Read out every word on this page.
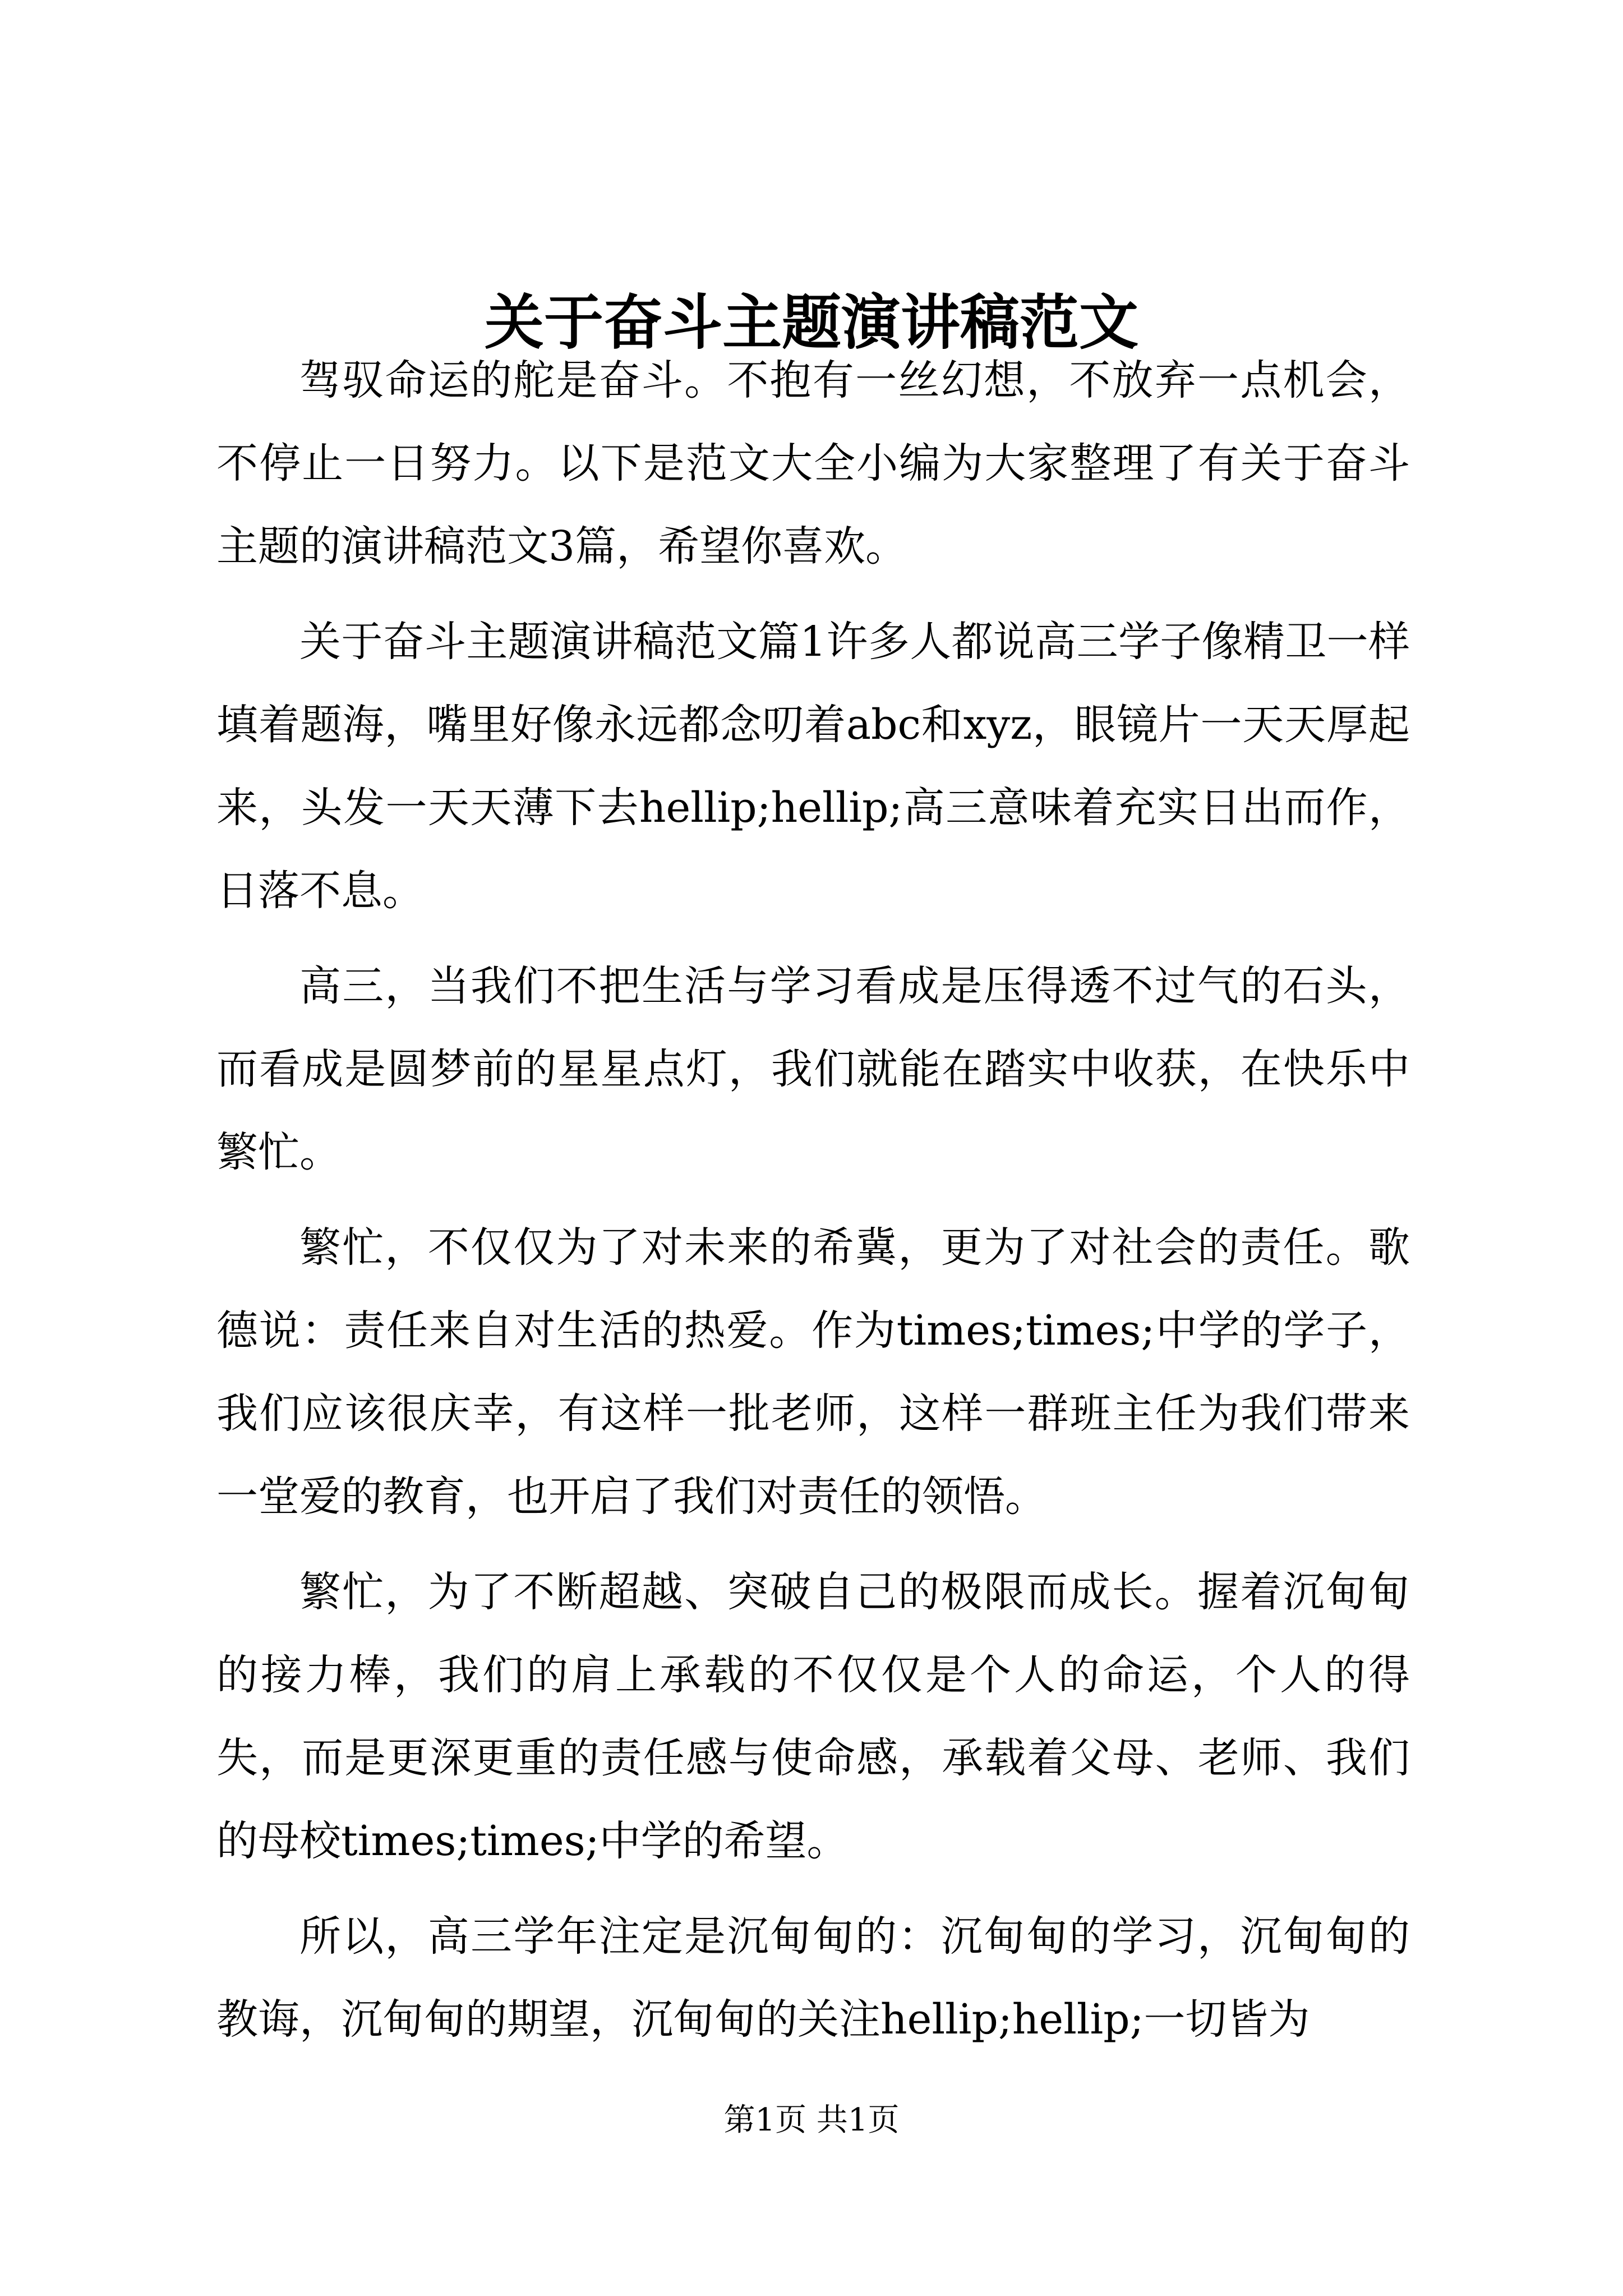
关于奋斗主题演讲稿范文

驾驭命运的舵是奋斗。不抱有一丝幻想，不放弃一点机会，不停止一日努力。以下是范文大全小编为大家整理了有关于奋斗主题的演讲稿范文3篇，希望你喜欢。

关于奋斗主题演讲稿范文篇1许多人都说高三学子像精卫一样填着题海，嘴里好像永远都念叨着abc和xyz，眼镜片一天天厚起来，头发一天天薄下去hellip;hellip;高三意味着充实日出而作，日落不息。

高三，当我们不把生活与学习看成是压得透不过气的石头，而看成是圆梦前的星星点灯，我们就能在踏实中收获，在快乐中繁忙。

繁忙，不仅仅为了对未来的希冀，更为了对社会的责任。歌德说：责任来自对生活的热爱。作为times;times;中学的学子，我们应该很庆幸，有这样一批老师，这样一群班主任为我们带来一堂爱的教育，也开启了我们对责任的领悟。

繁忙，为了不断超越、突破自己的极限而成长。握着沉甸甸的接力棒，我们的肩上承载的不仅仅是个人的命运，个人的得失，而是更深更重的责任感与使命感，承载着父母、老师、我们的母校times;times;中学的希望。

所以，高三学年注定是沉甸甸的：沉甸甸的学习，沉甸甸的教诲，沉甸甸的期望，沉甸甸的关注hellip;hellip;一切皆为

第1页 共1页
